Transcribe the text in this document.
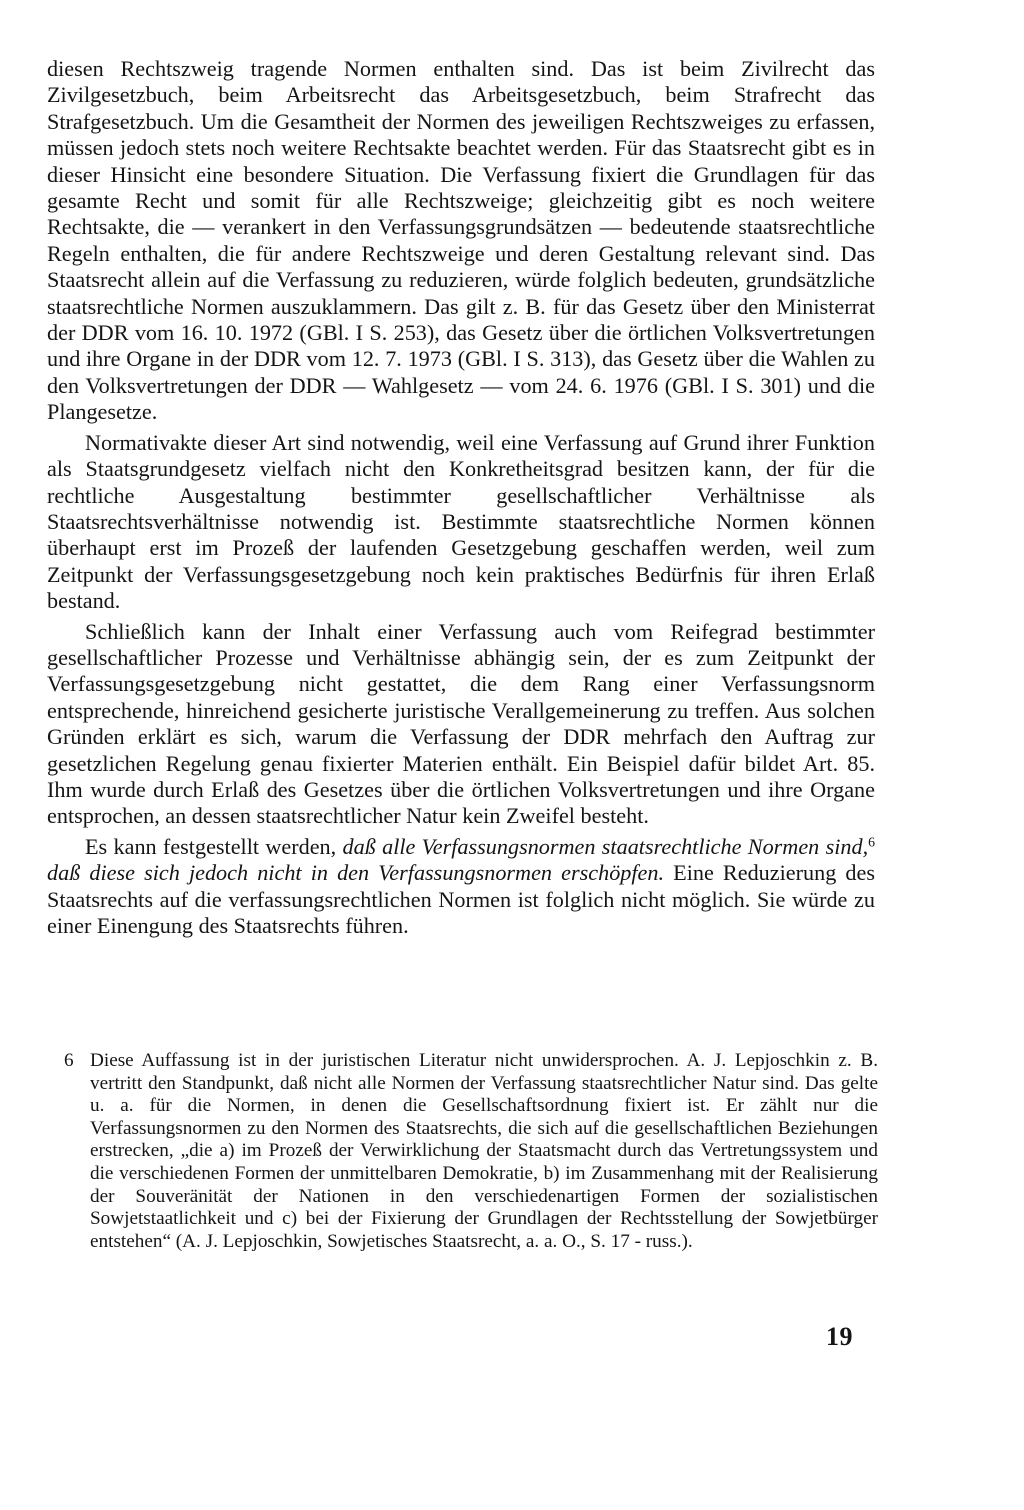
diesen Rechtszweig tragende Normen enthalten sind. Das ist beim Zivilrecht das Zivilgesetzbuch, beim Arbeitsrecht das Arbeitsgesetzbuch, beim Strafrecht das Strafgesetzbuch. Um die Gesamtheit der Normen des jeweiligen Rechtszweiges zu erfassen, müssen jedoch stets noch weitere Rechtsakte beachtet werden. Für das Staatsrecht gibt es in dieser Hinsicht eine besondere Situation. Die Verfassung fixiert die Grundlagen für das gesamte Recht und somit für alle Rechtszweige; gleichzeitig gibt es noch weitere Rechtsakte, die — verankert in den Verfassungsgrundsätzen — bedeutende staatsrechtliche Regeln enthalten, die für andere Rechtszweige und deren Gestaltung relevant sind. Das Staatsrecht allein auf die Verfassung zu reduzieren, würde folglich bedeuten, grundsätzliche staatsrechtliche Normen auszuklammern. Das gilt z. B. für das Gesetz über den Ministerrat der DDR vom 16. 10. 1972 (GBl. I S. 253), das Gesetz über die örtlichen Volksvertretungen und ihre Organe in der DDR vom 12. 7. 1973 (GBl. I S. 313), das Gesetz über die Wahlen zu den Volksvertretungen der DDR — Wahlgesetz — vom 24. 6. 1976 (GBl. I S. 301) und die Plangesetze.

Normativakte dieser Art sind notwendig, weil eine Verfassung auf Grund ihrer Funktion als Staatsgrundgesetz vielfach nicht den Konkretheitsgrad besitzen kann, der für die rechtliche Ausgestaltung bestimmter gesellschaftlicher Verhältnisse als Staatsrechtsverhältnisse notwendig ist. Bestimmte staatsrechtliche Normen können überhaupt erst im Prozeß der laufenden Gesetzgebung geschaffen werden, weil zum Zeitpunkt der Verfassungsgesetzgebung noch kein praktisches Bedürfnis für ihren Erlaß bestand.

Schließlich kann der Inhalt einer Verfassung auch vom Reifegrad bestimmter gesellschaftlicher Prozesse und Verhältnisse abhängig sein, der es zum Zeitpunkt der Verfassungsgesetzgebung nicht gestattet, die dem Rang einer Verfassungsnorm entsprechende, hinreichend gesicherte juristische Verallgemeinerung zu treffen. Aus solchen Gründen erklärt es sich, warum die Verfassung der DDR mehrfach den Auftrag zur gesetzlichen Regelung genau fixierter Materien enthält. Ein Beispiel dafür bildet Art. 85. Ihm wurde durch Erlaß des Gesetzes über die örtlichen Volksvertretungen und ihre Organe entsprochen, an dessen staatsrechtlicher Natur kein Zweifel besteht.

Es kann festgestellt werden, daß alle Verfassungsnormen staatsrechtliche Normen sind,$^6$ daß diese sich jedoch nicht in den Verfassungsnormen erschöpfen. Eine Reduzierung des Staatsrechts auf die verfassungsrechtlichen Normen ist folglich nicht möglich. Sie würde zu einer Einengung des Staatsrechts führen.

6 Diese Auffassung ist in der juristischen Literatur nicht unwidersprochen. A. J. Lepjoschkin z. B. vertritt den Standpunkt, daß nicht alle Normen der Verfassung staatsrechtlicher Natur sind. Das gelte u. a. für die Normen, in denen die Gesellschaftsordnung fixiert ist. Er zählt nur die Verfassungsnormen zu den Normen des Staatsrechts, die sich auf die gesellschaftlichen Beziehungen erstrecken, „die a) im Prozeß der Verwirklichung der Staatsmacht durch das Vertretungssystem und die verschiedenen Formen der unmittelbaren Demokratie, b) im Zusammenhang mit der Realisierung der Souveränität der Nationen in den verschiedenartigen Formen der sozialistischen Sowjetstaatlichkeit und c) bei der Fixierung der Grundlagen der Rechtsstellung der Sowjetbürger entstehen“ (A. J. Lepjoschkin, Sowjetisches Staatsrecht, a. a. O., S. 17 - russ.).
19
